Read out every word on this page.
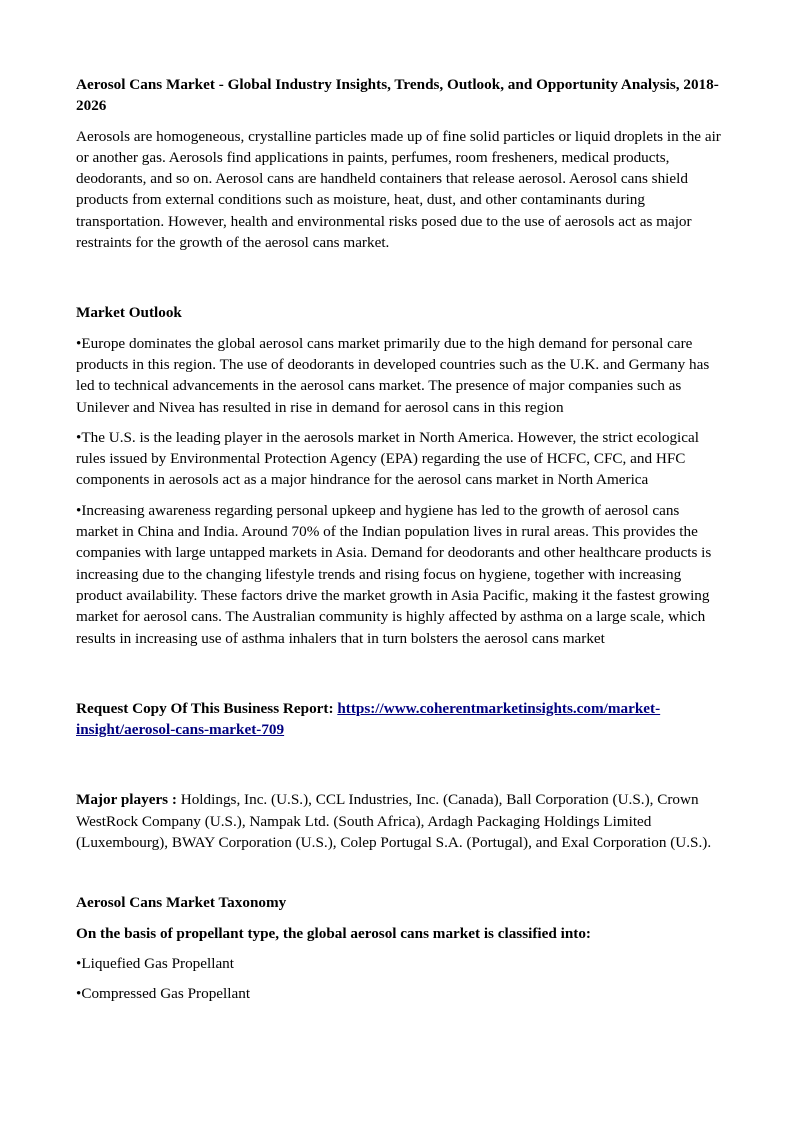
Aerosol Cans Market - Global Industry Insights, Trends, Outlook, and Opportunity Analysis, 2018-2026

Aerosols are homogeneous, crystalline particles made up of fine solid particles or liquid droplets in the air or another gas. Aerosols find applications in paints, perfumes, room fresheners, medical products, deodorants, and so on. Aerosol cans are handheld containers that release aerosol. Aerosol cans shield products from external conditions such as moisture, heat, dust, and other contaminants during transportation. However, health and environmental risks posed due to the use of aerosols act as major restraints for the growth of the aerosol cans market.

Market Outlook

•Europe dominates the global aerosol cans market primarily due to the high demand for personal care products in this region. The use of deodorants in developed countries such as the U.K. and Germany has led to technical advancements in the aerosol cans market. The presence of major companies such as Unilever and Nivea has resulted in rise in demand for aerosol cans in this region

•The U.S. is the leading player in the aerosols market in North America. However, the strict ecological rules issued by Environmental Protection Agency (EPA) regarding the use of HCFC, CFC, and HFC components in aerosols act as a major hindrance for the aerosol cans market in North America

•Increasing awareness regarding personal upkeep and hygiene has led to the growth of aerosol cans market in China and India. Around 70% of the Indian population lives in rural areas. This provides the companies with large untapped markets in Asia. Demand for deodorants and other healthcare products is increasing due to the changing lifestyle trends and rising focus on hygiene, together with increasing product availability. These factors drive the market growth in Asia Pacific, making it the fastest growing market for aerosol cans. The Australian community is highly affected by asthma on a large scale, which results in increasing use of asthma inhalers that in turn bolsters the aerosol cans market

Request Copy Of This Business Report: https://www.coherentmarketinsights.com/market-insight/aerosol-cans-market-709

Major players : Holdings, Inc. (U.S.), CCL Industries, Inc. (Canada), Ball Corporation (U.S.), Crown WestRock Company (U.S.), Nampak Ltd. (South Africa), Ardagh Packaging Holdings Limited (Luxembourg), BWAY Corporation (U.S.), Colep Portugal S.A. (Portugal), and Exal Corporation (U.S.).

Aerosol Cans Market Taxonomy

On the basis of propellant type, the global aerosol cans market is classified into:

•Liquefied Gas Propellant

•Compressed Gas Propellant
